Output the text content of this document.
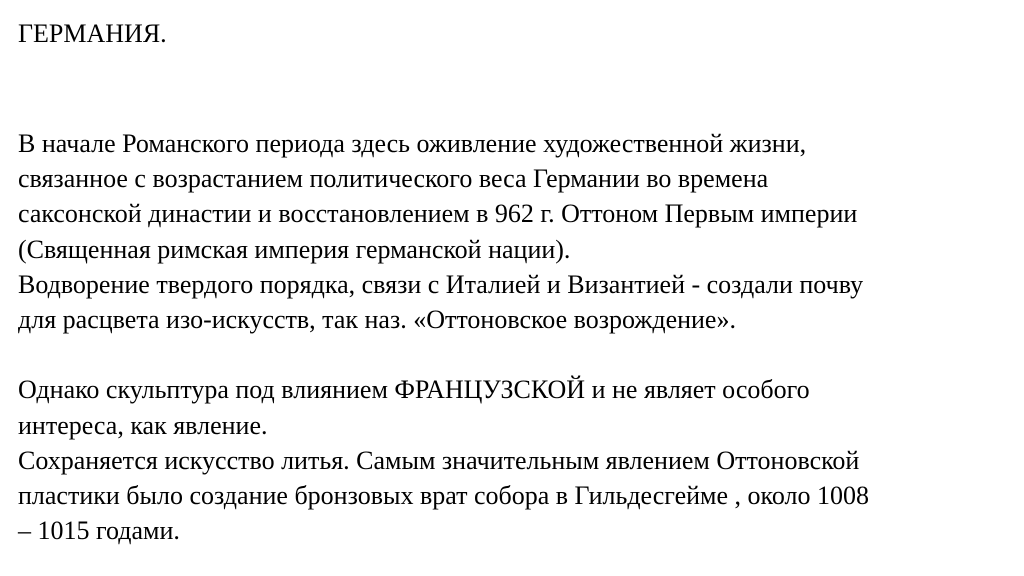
ГЕРМАНИЯ.
В начале Романского периода здесь оживление художественной жизни,
связанное с возрастанием политического веса Германии во времена
саксонской династии и восстановлением в 962 г. Оттоном Первым империи
(Священная римская империя германской нации).
Водворение твердого порядка, связи с Италией и Византией - создали почву
для расцвета изо-искусств, так наз. «Оттоновское возрождение».
Однако скульптура под влиянием ФРАНЦУЗСКОЙ и не являет особого
интереса, как явление.
Сохраняется искусство литья. Самым значительным явлением Оттоновской
пластики было создание бронзовых врат собора в Гильдесгейме , около 1008
– 1015 годами.
